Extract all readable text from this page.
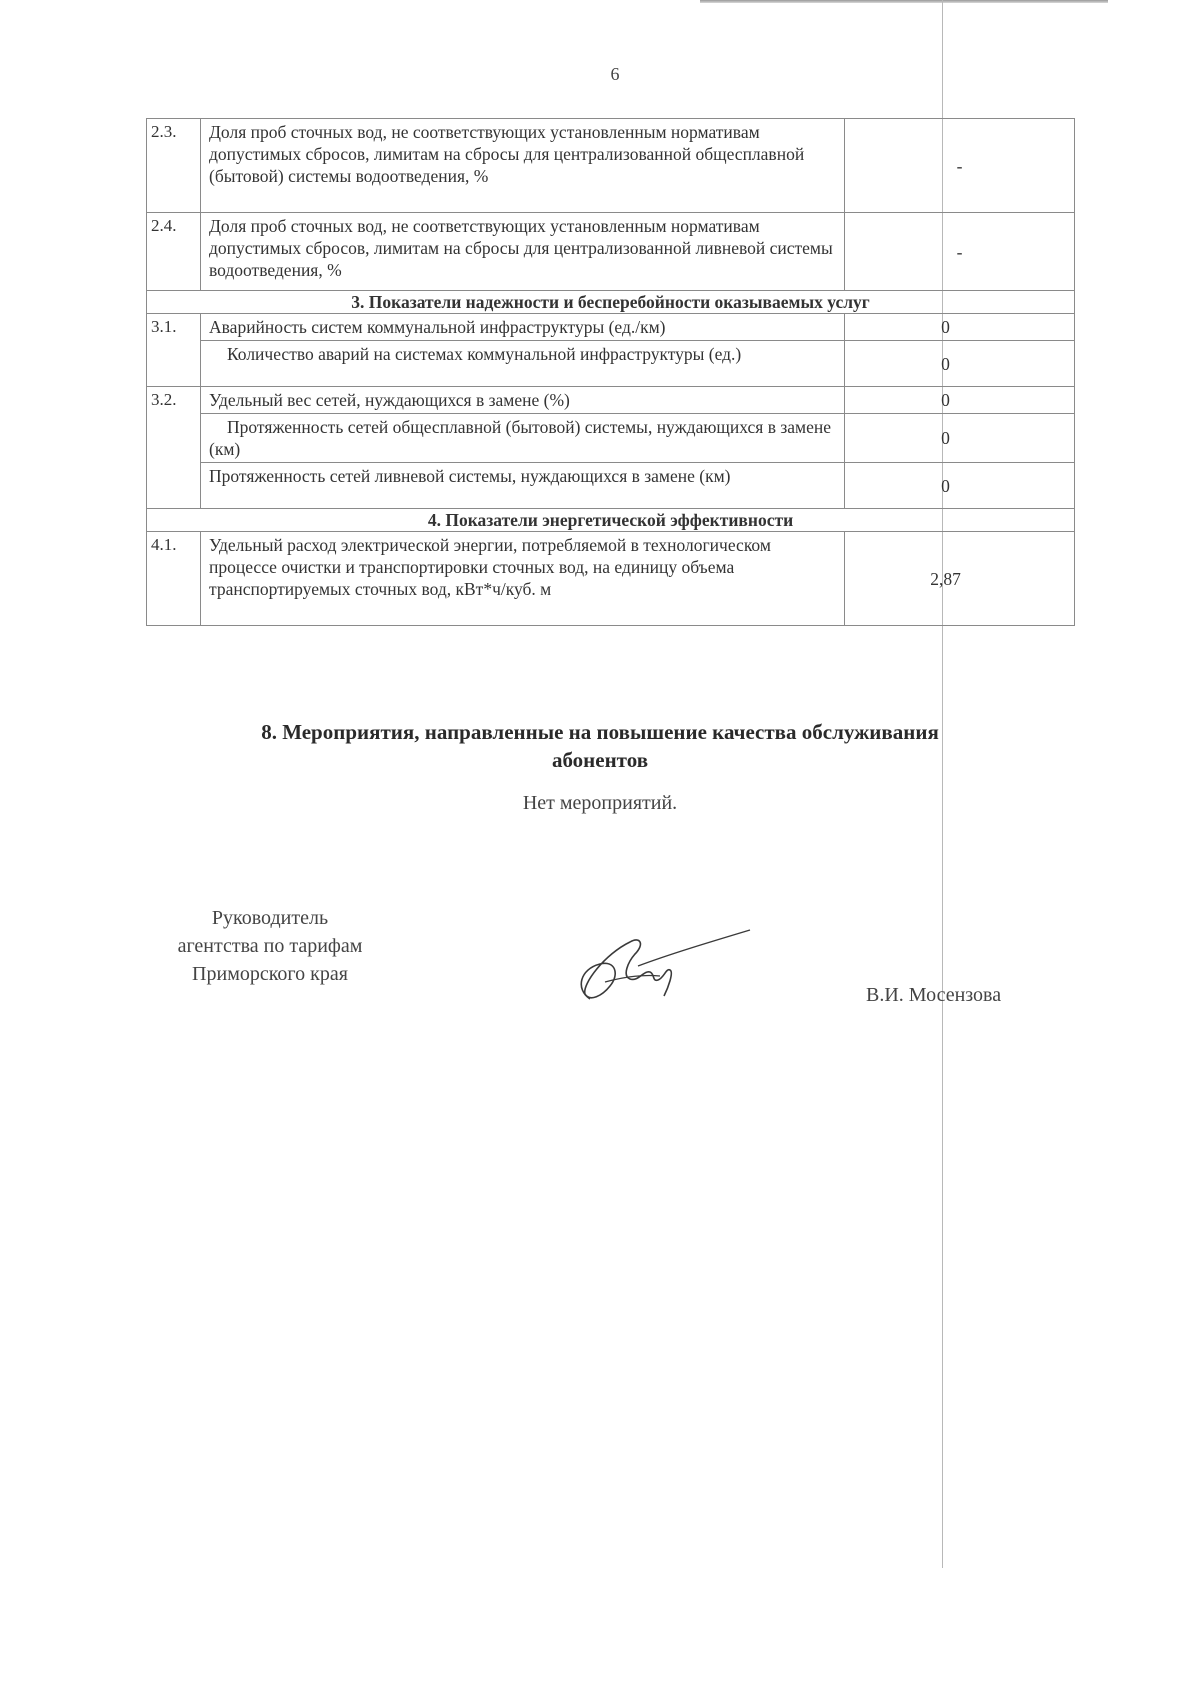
6
2.3.	Доля проб сточных вод, не соответствующих установленным нормативам допустимых сбросов, лимитам на сбросы для централизованной общесплавной (бытовой) системы водоотведения, %	-
2.4.	Доля проб сточных вод, не соответствующих установленным нормативам допустимых сбросов, лимитам на сбросы для централизованной ливневой системы водоотведения, %	-
3. Показатели надежности и бесперебойности оказываемых услуг		
3.1.	Аварийность систем коммунальной инфраструктуры (ед./км)	0
	Количество аварий на системах коммунальной инфраструктуры (ед.)	0
3.2.	Удельный вес сетей, нуждающихся в замене (%)	0
	Протяженность сетей общесплавной (бытовой) системы, нуждающихся в замене (км)	0
	Протяженность сетей ливневой системы, нуждающихся в замене (км)	0
4. Показатели энергетической эффективности		
4.1.	Удельный расход электрической энергии, потребляемой в технологическом процессе очистки и транспортировки сточных вод, на единицу объема транспортируемых сточных вод, кВт*ч/куб. м	2,87
8. Мероприятия, направленные на повышение качества обслуживания абонентов
Нет мероприятий.
Руководитель
агентства по тарифам
Приморского края
В.И. Мосензова
